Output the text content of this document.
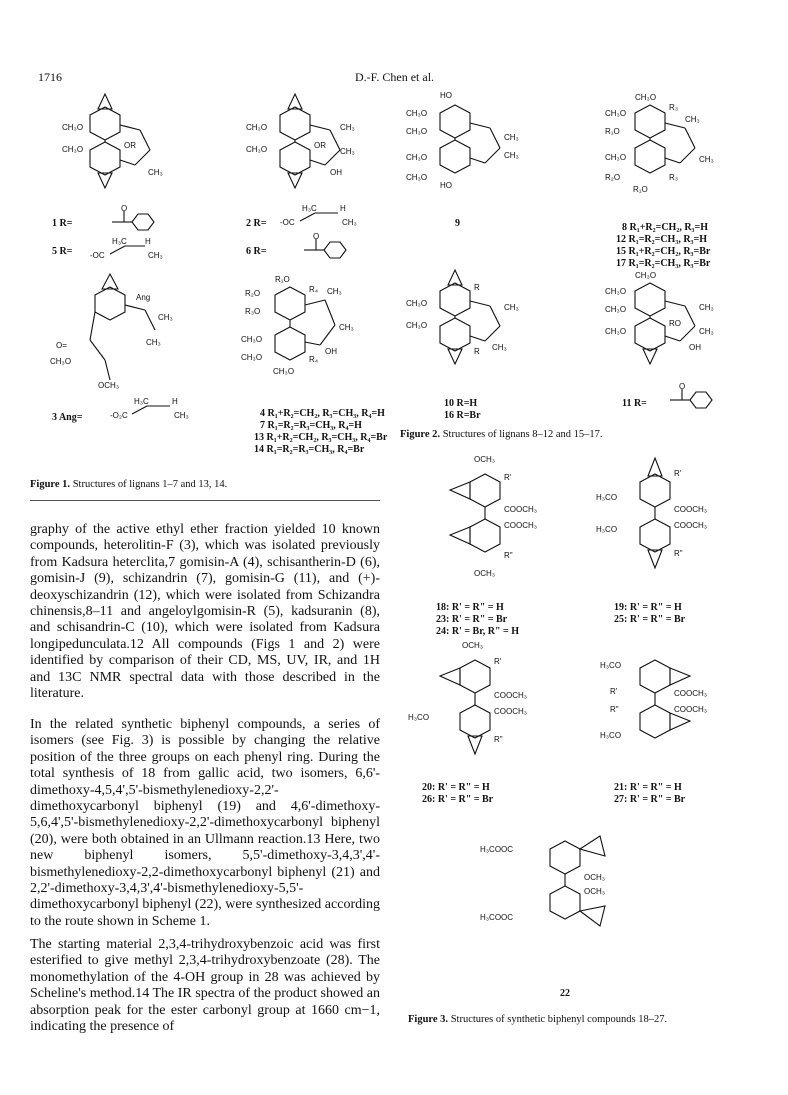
1716	D.-F. Chen et al.
CH₃O
CH₃O	OR
CH₃
1 R=
O
5 R= -OC
H₃C H
CH₃
CH₃O
CH₃O	OR
CH₃
CH₃
OH
2 R= -OC
H₃C	H
CH₃
6 R=
O
Ang
CH₃
CH₃
O=
CH₃O
OCH₃
3 Ang=	-O₂C
H₃C	H
CH₃
R₁O
R₂O
R₃O
R₄ CH₃
CH₃
OH
CH₃O
CH₃O	R₄
CH₃O
4 R₁+R₂=CH₂, R₃=CH₃, R₄=H
7 R₁=R₂=R₃=CH₃, R₄=H
13 R₁+R₂=CH₂, R₃=CH₃, R₄=Br
14 R₁=R₂=R₃=CH₃, R₄=Br
Figure 1. Structures of lignans 1–7 and 13, 14.
HO
CH₃O
CH₃O
CH₃O
CH₃O
HO
CH₃
CH₃
9
CH₃O
CH₃O
R₃
CH₃
R₁O
CH₃O
R₂O	R₃
CH₃
R₁O
8 R₁+R₂=CH₂, R₃=H
12 R₁=R₂=CH₃, R₃=H
15 R₁+R₂=CH₂, R₃=Br
17 R₁=R₂=CH₃, R₃=Br
R
CH₃O
CH₃O
CH₃
CH₃
R
10 R=H
16 R=Br
CH₃O
CH₃O
CH₃O
CH₃O
RO
CH₃
CH₃
OH
11 R=
O
Figure 2. Structures of lignans 8–12 and 15–17.
OCH₃
R'
COOCH₃
COOCH₃
R"
OCH₃
18: R' = R" = H
23: R' = R" = Br
24: R' = Br, R" = H
R'
H₃CO
COOCH₃
H₃CO	COOCH₃
R"
19: R' = R" = H
25: R' = R" = Br
OCH₃
R'
COOCH₃
COOCH₃
H₃CO
R"
20: R' = R" = H
26: R' = R" = Br
H₃CO
R'	COOCH₃
R"	COOCH₃
H₃CO
21: R' = R" = H
27: R' = R" = Br
H₃COOC
OCH₃
OCH₃
H₃COOC
22
Figure 3. Structures of synthetic biphenyl compounds 18–27.
graphy of the active ethyl ether fraction yielded 10 known compounds, heterolitin-F (3), which was isolated previously from Kadsura heterclita,7 gomisin-A (4), schisantherin-D (6), gomisin-J (9), schizandrin (7), gomisin-G (11), and (+)-deoxyschizandrin (12), which were isolated from Schizandra chinensis,8–11 and angeloylgomisin-R (5), kadsuranin (8), and schisandrin-C (10), which were isolated from Kadsura longipedunculata.12 All compounds (Figs 1 and 2) were identified by comparison of their CD, MS, UV, IR, and 1H and 13C NMR spectral data with those described in the literature.
In the related synthetic biphenyl compounds, a series of isomers (see Fig. 3) is possible by changing the relative position of the three groups on each phenyl ring. During the total synthesis of 18 from gallic acid, two isomers, 6,6'-dimethoxy-4,5,4',5'-bismethylenedioxy-2,2'-dimethoxycarbonyl biphenyl (19) and 4,6'-dimethoxy-5,6,4',5'-bismethylenedioxy-2,2'-dimethoxycarbonyl biphenyl (20), were both obtained in an Ullmann reaction.13 Here, two new biphenyl isomers, 5,5'-dimethoxy-3,4,3',4'-bismethylenedioxy-2,2-dimethoxycarbonyl biphenyl (21) and 2,2'-dimethoxy-3,4,3',4'-bismethylenedioxy-5,5'-dimethoxycarbonyl biphenyl (22), were synthesized according to the route shown in Scheme 1.
The starting material 2,3,4-trihydroxybenzoic acid was first esterified to give methyl 2,3,4-trihydroxybenzoate (28). The monomethylation of the 4-OH group in 28 was achieved by Scheline's method.14 The IR spectra of the product showed an absorption peak for the ester carbonyl group at 1660 cm−1, indicating the presence of
